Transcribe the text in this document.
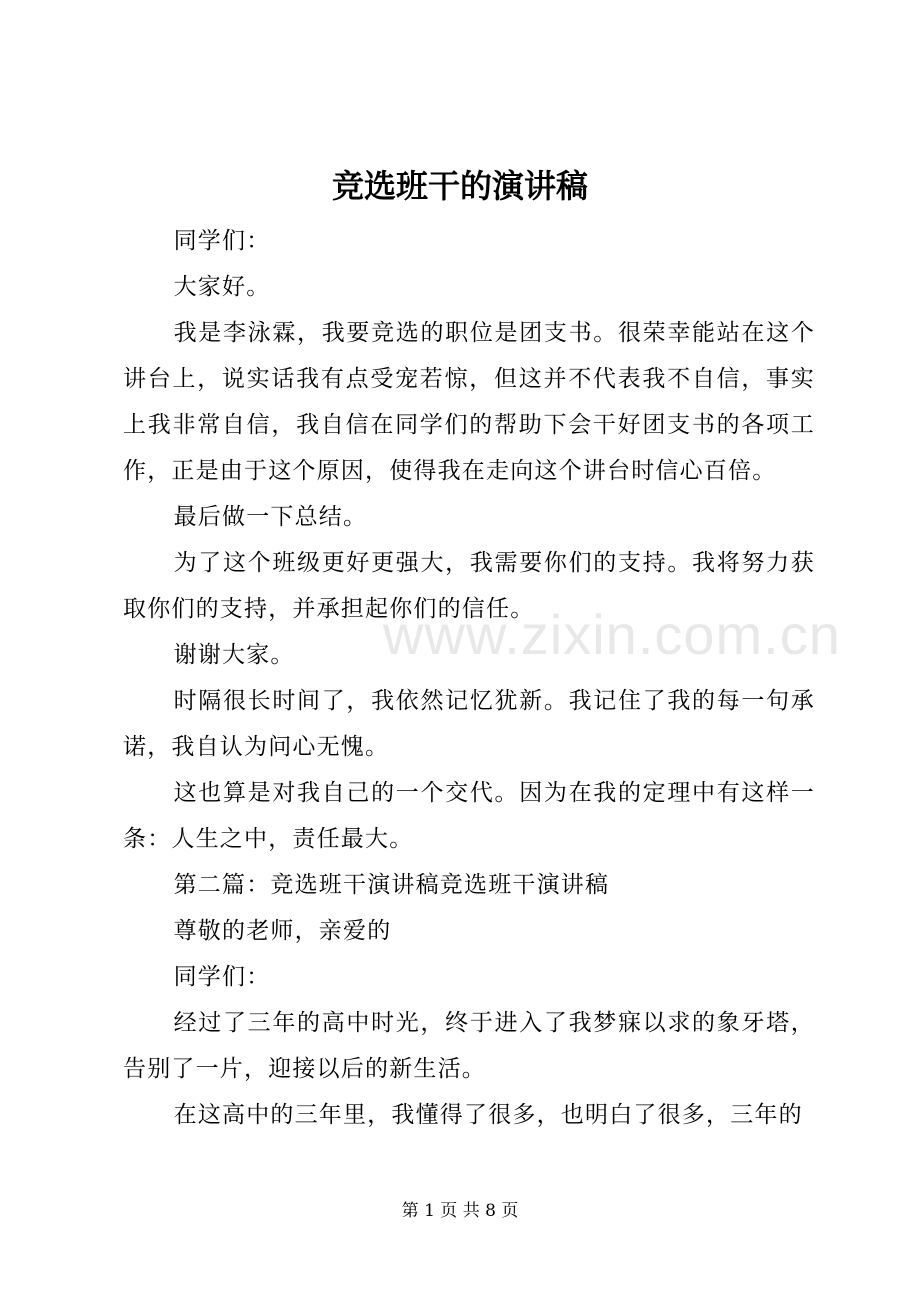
www.zixin.com.cn
竞选班干的演讲稿

同学们：

大家好。

我是李泳霖，我要竞选的职位是团支书。很荣幸能站在这个讲台上，说实话我有点受宠若惊，但这并不代表我不自信，事实上我非常自信，我自信在同学们的帮助下会干好团支书的各项工作，正是由于这个原因，使得我在走向这个讲台时信心百倍。

最后做一下总结。

为了这个班级更好更强大，我需要你们的支持。我将努力获取你们的支持，并承担起你们的信任。

谢谢大家。

时隔很长时间了，我依然记忆犹新。我记住了我的每一句承诺，我自认为问心无愧。

这也算是对我自己的一个交代。因为在我的定理中有这样一条：人生之中，责任最大。

第二篇：竞选班干演讲稿竞选班干演讲稿

尊敬的老师，亲爱的

同学们：

经过了三年的高中时光，终于进入了我梦寐以求的象牙塔，告别了一片，迎接以后的新生活。

在这高中的三年里，我懂得了很多，也明白了很多，三年的

第 1 页 共 8 页
